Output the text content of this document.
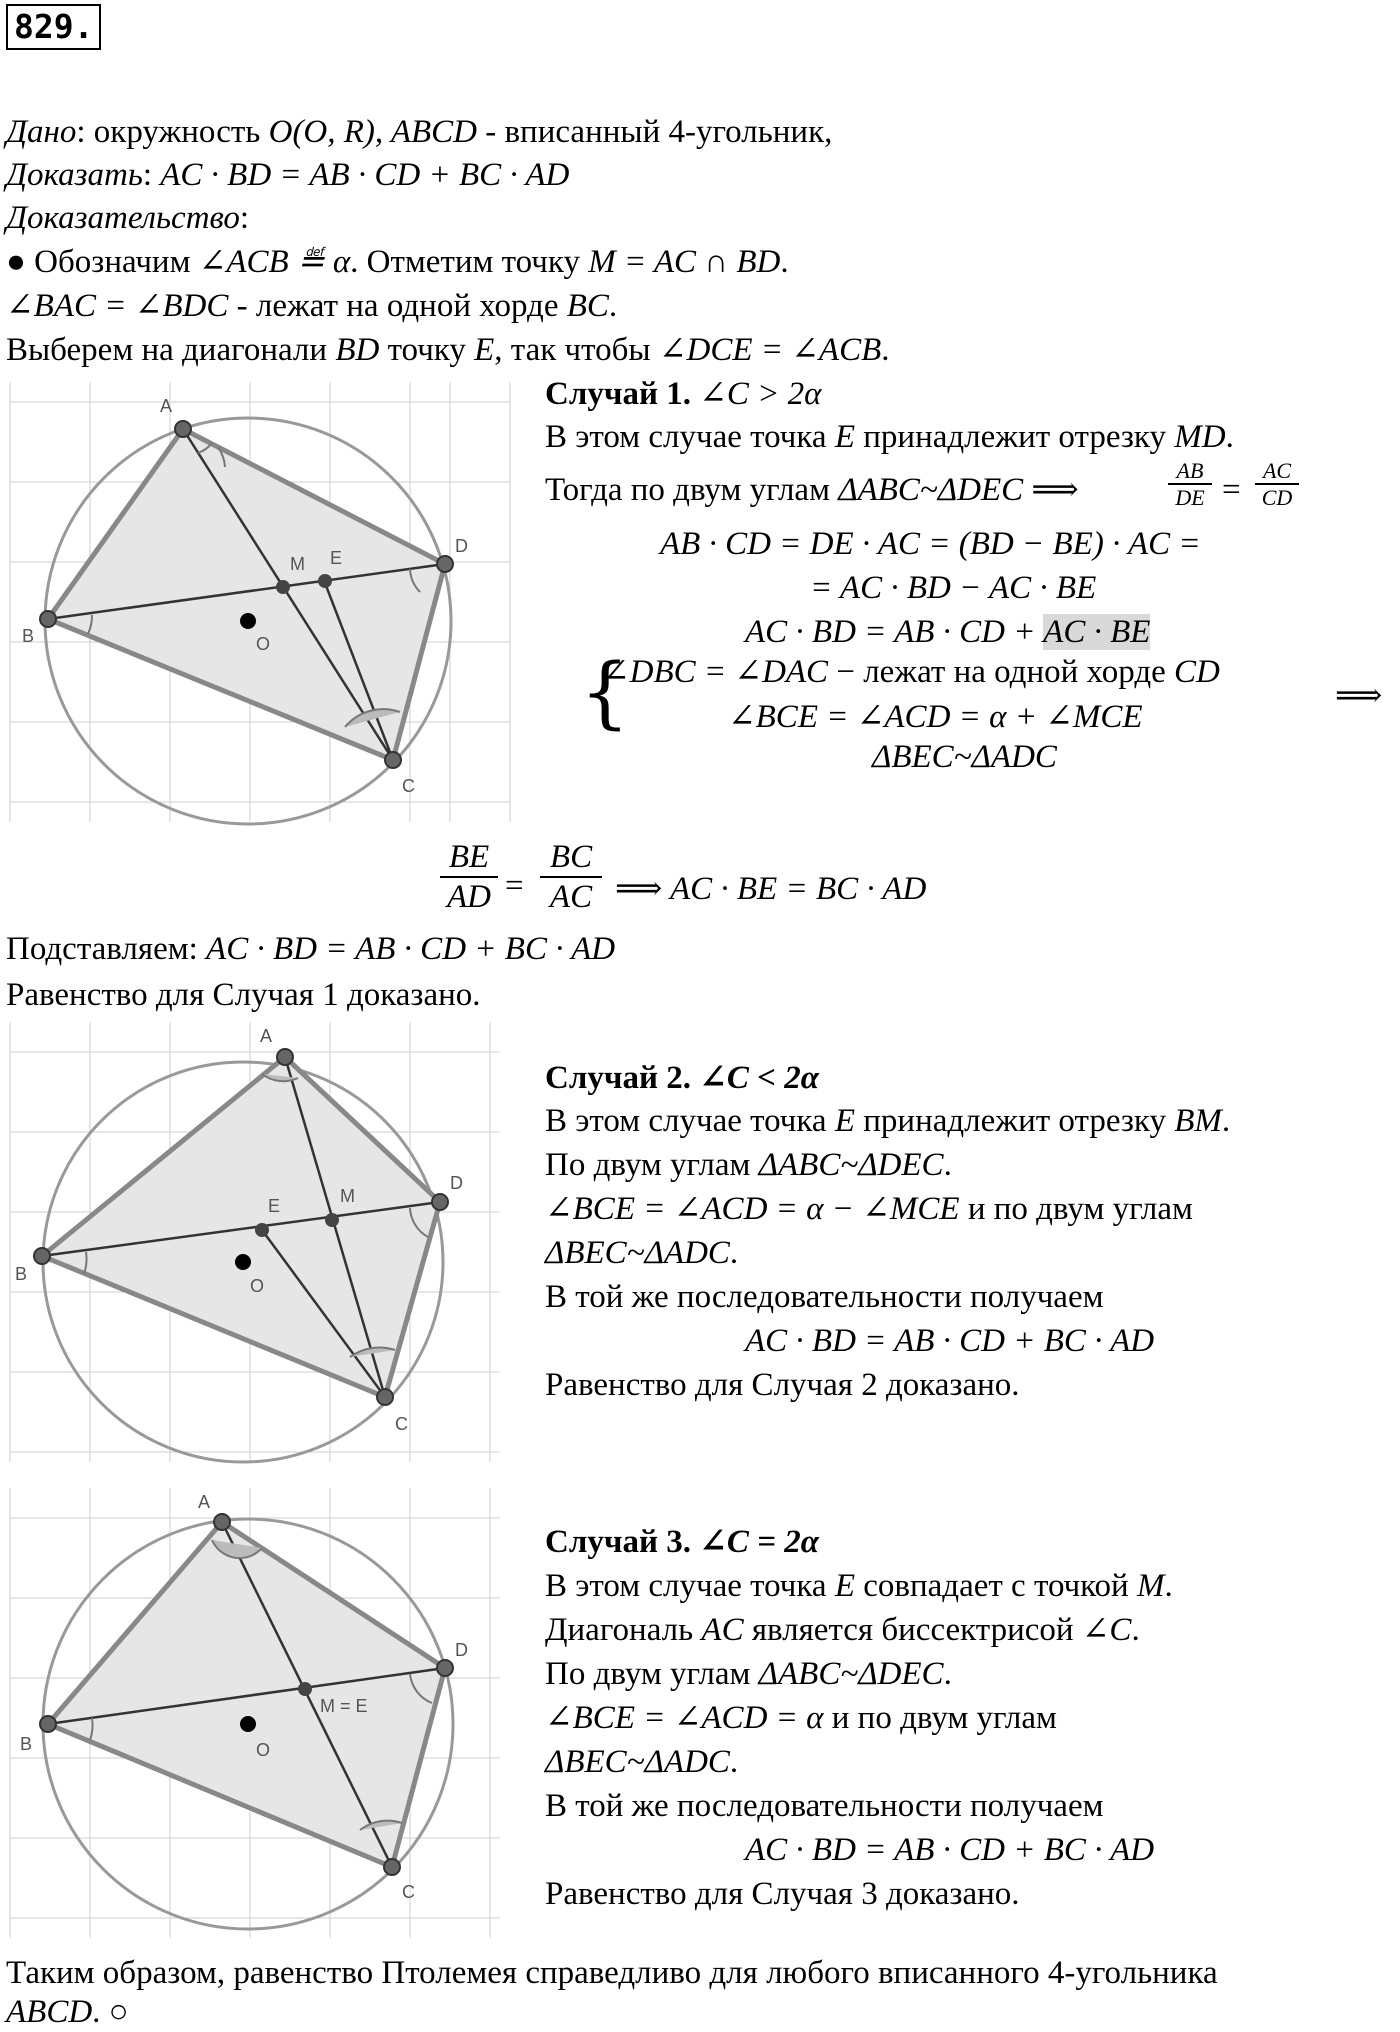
829.
Дано: окружность O(O, R), ABCD - вписанный 4-угольник,
Доказать: AC · BD = AB · CD + BC · AD
Доказательство:
● Обозначим ∠ACB ≝ α. Отметим точку M = AC ∩ BD.
∠BAC = ∠BDC - лежат на одной хорде BC.
Выберем на диагонали BD точку E, так чтобы ∠DCE = ∠ACB.
A
D
B
C
M E
O
Случай 1. ∠C > 2α
В этом случае точка E принадлежит отрезку MD.
Тогда по двум углам ΔABC~ΔDEC ⟹
AB
DE =
AC
CD
AB · CD = DE · AC = (BD − BE) · AC =
= AC · BD − AC · BE
AC · BD = AB · CD + AC · BE
{
∠DBC = ∠DAC − лежат на одной хорде CD
∠BCE = ∠ACD = α + ∠MCE
ΔBEC~ΔADC
⟹
BE
AD =
BC
AC ⟹ AC · BE = BC · AD
Подставляем: AC · BD = AB · CD + BC · AD
Равенство для Случая 1 доказано.
A
D
B
C
M
E
O
Случай 2. ∠C < 2α
В этом случае точка E принадлежит отрезку BM.
По двум углам ΔABC~ΔDEC.
∠BCE = ∠ACD = α − ∠MCE и по двум углам
ΔBEC~ΔADC.
В той же последовательности получаем
AC · BD = AB · CD + BC · AD
Равенство для Случая 2 доказано.
A
D
B
C
M = E
O
Случай 3. ∠C = 2α
В этом случае точка E совпадает с точкой M.
Диагональ AC является биссектрисой ∠C.
По двум углам ΔABC~ΔDEC.
∠BCE = ∠ACD = α и по двум углам
ΔBEC~ΔADC.
В той же последовательности получаем
AC · BD = AB · CD + BC · AD
Равенство для Случая 3 доказано.
Таким образом, равенство Птолемея справедливо для любого вписанного 4-угольника
ABCD. ○
